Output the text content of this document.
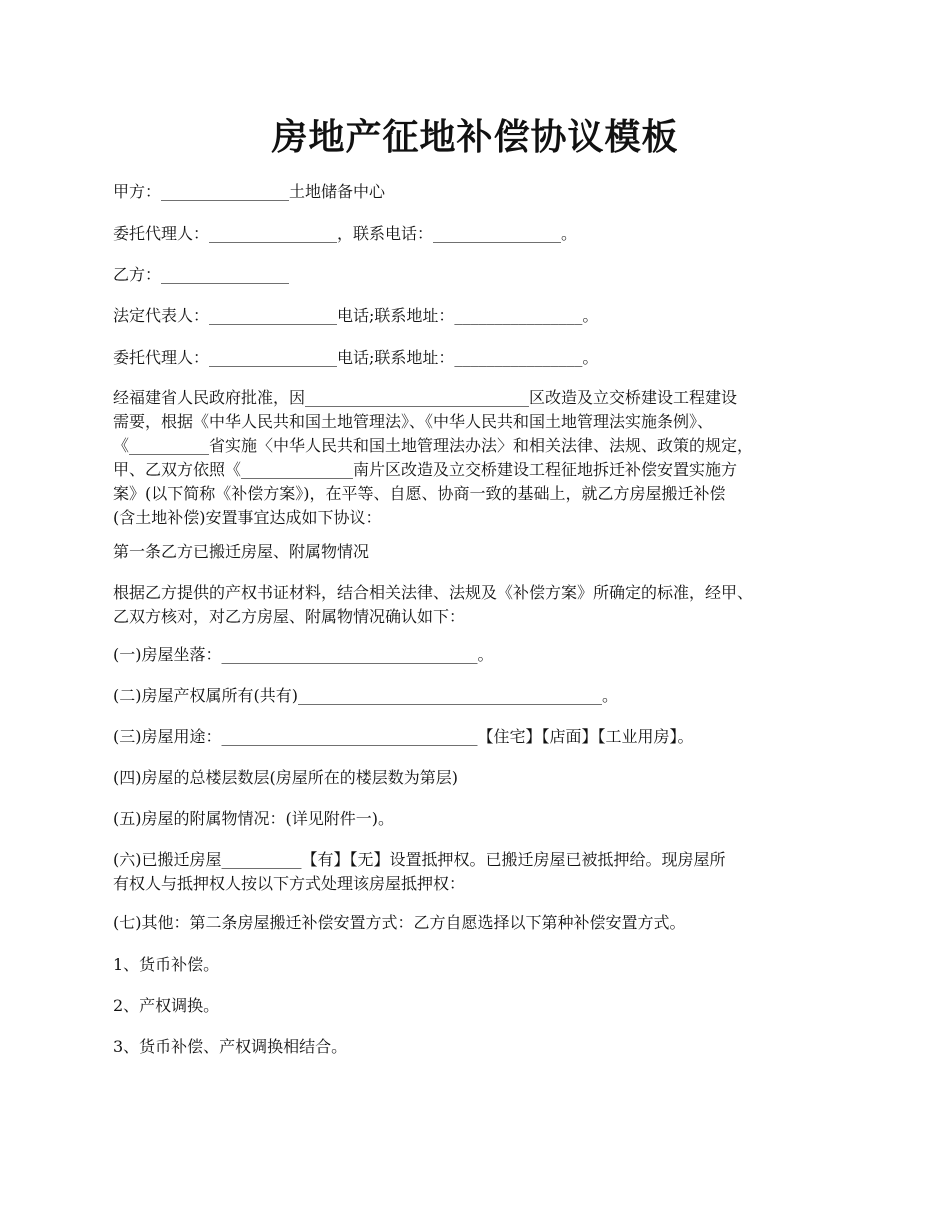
房地产征地补偿协议模板

甲方：________________土地储备中心

委托代理人：________________，联系电话：________________。

乙方：________________

法定代表人：________________电话;联系地址：________________。

委托代理人：________________电话;联系地址：________________。

经福建省人民政府批准，因____________________________区改造及立交桥建设工程建设
需要，根据《中华人民共和国土地管理法》、《中华人民共和国土地管理法实施条例》、
《__________省实施〈中华人民共和国土地管理法办法〉和相关法律、法规、政策的规定，
甲、乙双方依照《______________南片区改造及立交桥建设工程征地拆迁补偿安置实施方
案》(以下简称《补偿方案》)，在平等、自愿、协商一致的基础上，就乙方房屋搬迁补偿
(含土地补偿)安置事宜达成如下协议：

第一条乙方已搬迁房屋、附属物情况

根据乙方提供的产权书证材料，结合相关法律、法规及《补偿方案》所确定的标准，经甲、
乙双方核对，对乙方房屋、附属物情况确认如下：

(一)房屋坐落：________________________________。

(二)房屋产权属所有(共有)______________________________________。

(三)房屋用途：________________________________【住宅】【店面】【工业用房】。

(四)房屋的总楼层数层(房屋所在的楼层数为第层)

(五)房屋的附属物情况：(详见附件一)。

(六)已搬迁房屋__________【有】【无】设置抵押权。已搬迁房屋已被抵押给。现房屋所
有权人与抵押权人按以下方式处理该房屋抵押权：

(七)其他：第二条房屋搬迁补偿安置方式：乙方自愿选择以下第种补偿安置方式。

1、货币补偿。

2、产权调换。

3、货币补偿、产权调换相结合。
